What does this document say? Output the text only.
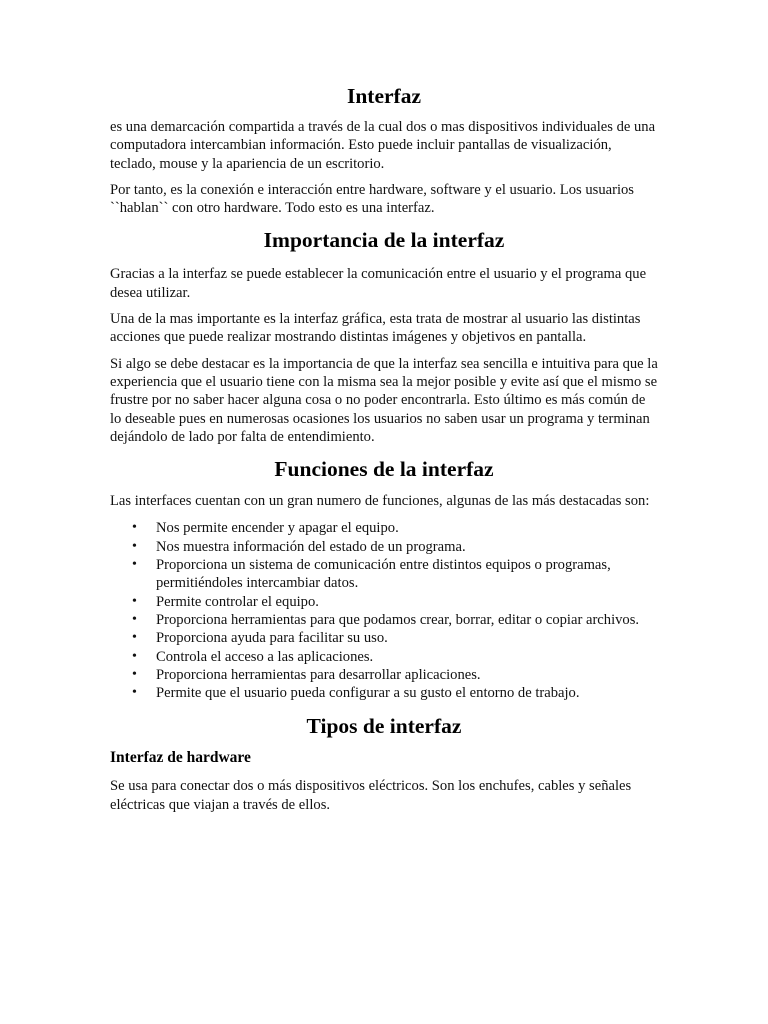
Interfaz

es una demarcación compartida a través de la cual dos o mas dispositivos individuales de una computadora intercambian información. Esto puede incluir pantallas de visualización, teclado, mouse y la apariencia de un escritorio.

Por tanto, es la conexión e interacción entre hardware, software y el usuario. Los usuarios ``hablan`` con otro hardware. Todo esto es una interfaz.

Importancia de la interfaz

Gracias a la interfaz se puede establecer la comunicación entre el usuario y el programa que desea utilizar.

Una de la mas importante es la interfaz gráfica, esta trata de mostrar al usuario las distintas acciones que puede realizar mostrando distintas imágenes y objetivos en pantalla.

Si algo se debe destacar es la importancia de que la interfaz sea sencilla e intuitiva para que la experiencia que el usuario tiene con la misma sea la mejor posible y evite así que el mismo se frustre por no saber hacer alguna cosa o no poder encontrarla. Esto último es más común de lo deseable pues en numerosas ocasiones los usuarios no saben usar un programa y terminan dejándolo de lado por falta de entendimiento.

Funciones de la interfaz

Las interfaces cuentan con un gran numero de funciones, algunas de las más destacadas son:

• Nos permite encender y apagar el equipo.
• Nos muestra información del estado de un programa.
• Proporciona un sistema de comunicación entre distintos equipos o programas, permitiéndoles intercambiar datos.
• Permite controlar el equipo.
• Proporciona herramientas para que podamos crear, borrar, editar o copiar archivos.
• Proporciona ayuda para facilitar su uso.
• Controla el acceso a las aplicaciones.
• Proporciona herramientas para desarrollar aplicaciones.
• Permite que el usuario pueda configurar a su gusto el entorno de trabajo.
Tipos de interfaz
Interfaz de hardware

Se usa para conectar dos o más dispositivos eléctricos. Son los enchufes, cables y señales eléctricas que viajan a través de ellos.
